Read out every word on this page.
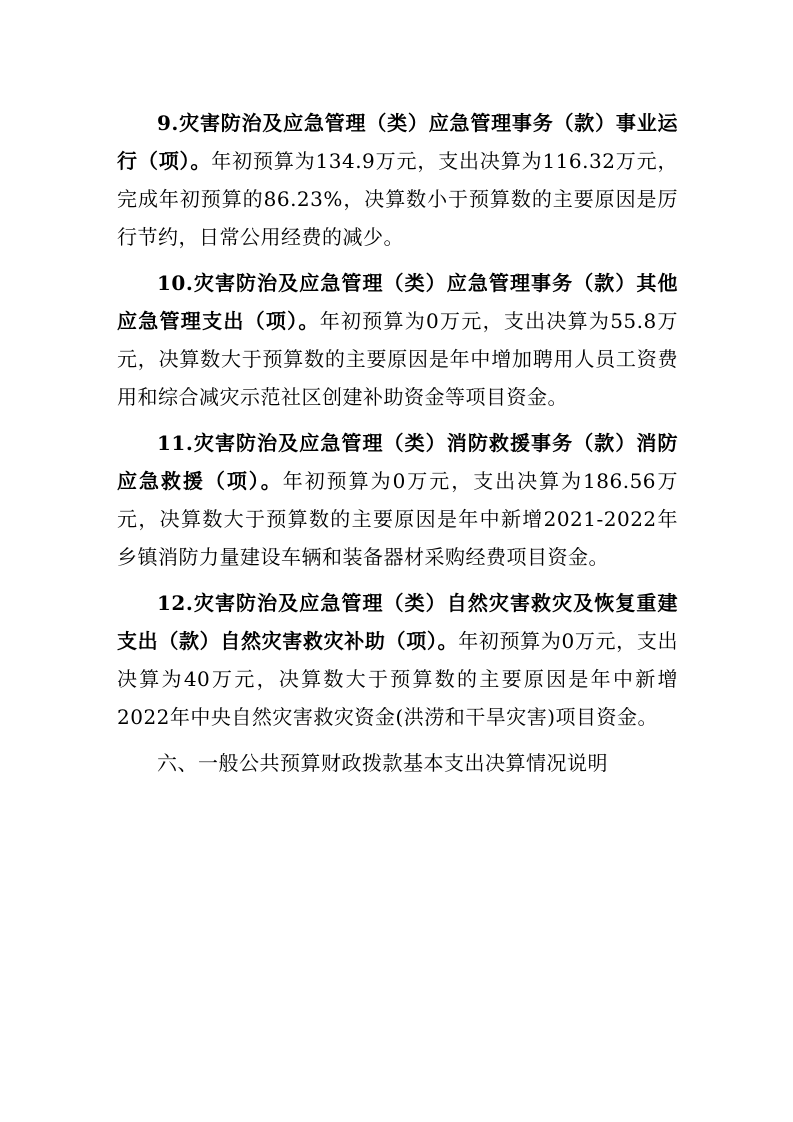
9.灾害防治及应急管理（类）应急管理事务（款）事业运行（项）。年初预算为134.9万元，支出决算为116.32万元，完成年初预算的86.23%，决算数小于预算数的主要原因是厉行节约，日常公用经费的减少。

10.灾害防治及应急管理（类）应急管理事务（款）其他应急管理支出（项）。年初预算为0万元，支出决算为55.8万元，决算数大于预算数的主要原因是年中增加聘用人员工资费用和综合减灾示范社区创建补助资金等项目资金。

11.灾害防治及应急管理（类）消防救援事务（款）消防应急救援（项）。年初预算为0万元，支出决算为186.56万元，决算数大于预算数的主要原因是年中新增2021-2022年乡镇消防力量建设车辆和装备器材采购经费项目资金。

12.灾害防治及应急管理（类）自然灾害救灾及恢复重建支出（款）自然灾害救灾补助（项）。年初预算为0万元，支出决算为40万元，决算数大于预算数的主要原因是年中新增2022年中央自然灾害救灾资金(洪涝和干旱灾害)项目资金。

六、一般公共预算财政拨款基本支出决算情况说明
